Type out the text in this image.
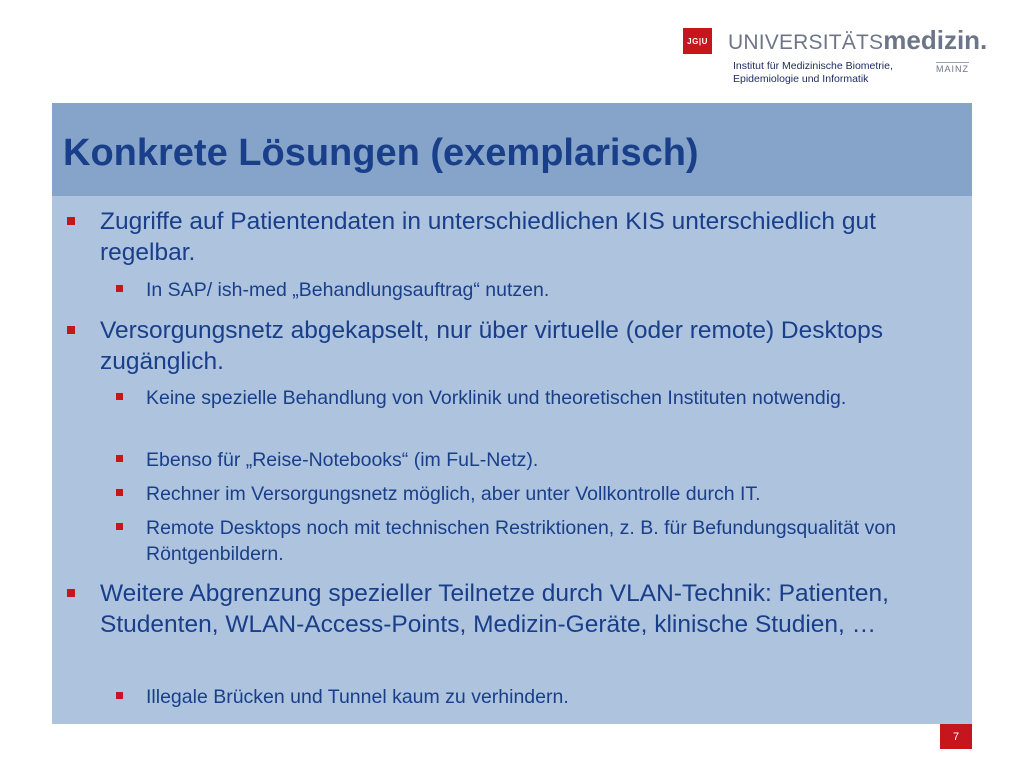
JG|U UNIVERSITÄTSmedizin.
Institut für Medizinische Biometrie,
Epidemiologie und Informatik
MAINZ
Konkrete Lösungen (exemplarisch)
Zugriffe auf Patientendaten in unterschiedlichen KIS unterschiedlich gut regelbar.
In SAP/ ish-med „Behandlungsauftrag“ nutzen.
Versorgungsnetz abgekapselt, nur über virtuelle (oder remote) Desktops zugänglich.
Keine spezielle Behandlung von Vorklinik und theoretischen Instituten notwendig.
Ebenso für „Reise-Notebooks“ (im FuL-Netz).
Rechner im Versorgungsnetz möglich, aber unter Vollkontrolle durch IT.
Remote Desktops noch mit technischen Restriktionen, z. B. für Befundungsqualität von Röntgenbildern.
Weitere Abgrenzung spezieller Teilnetze durch VLAN-Technik: Patienten, Studenten, WLAN-Access-Points, Medizin-Geräte, klinische Studien, …
Illegale Brücken und Tunnel kaum zu verhindern.
7
